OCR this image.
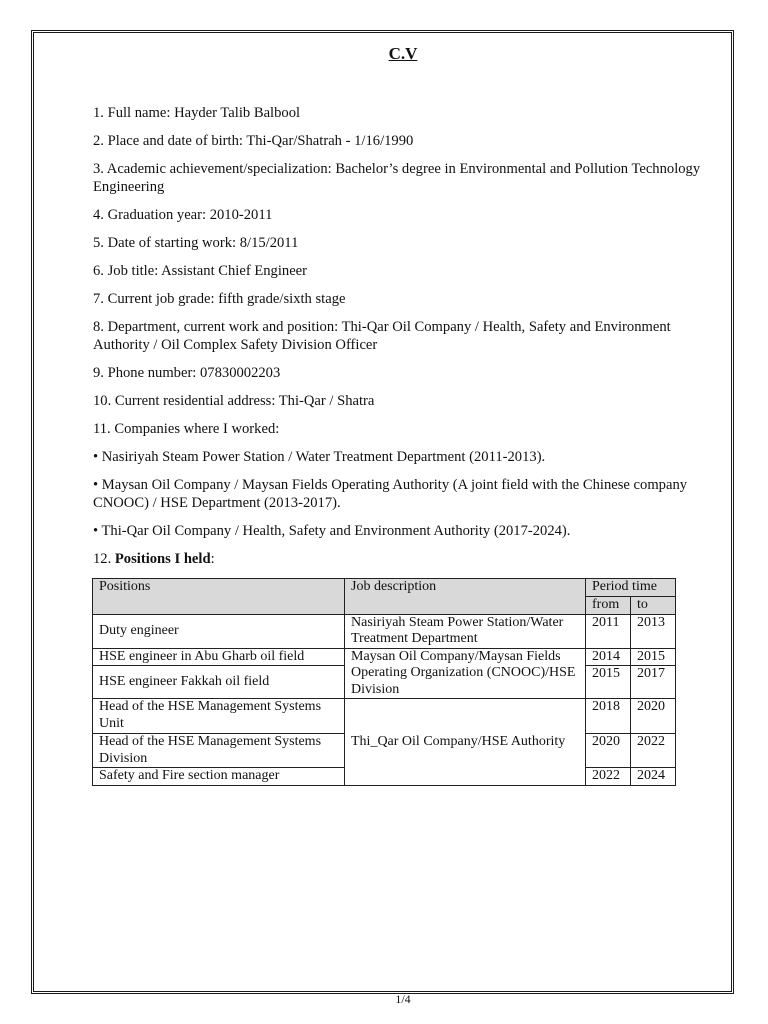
C.V

1. Full name: Hayder Talib Balbool

2. Place and date of birth: Thi-Qar/Shatrah - 1/16/1990

3. Academic achievement/specialization: Bachelor’s degree in Environmental and Pollution Technology Engineering

4. Graduation year: 2010-2011

5. Date of starting work: 8/15/2011

6. Job title: Assistant Chief Engineer

7. Current job grade: fifth grade/sixth stage

8. Department, current work and position: Thi-Qar Oil Company / Health, Safety and Environment Authority / Oil Complex Safety Division Officer

9. Phone number: 07830002203

10. Current residential address: Thi-Qar / Shatra

11. Companies where I worked:

• Nasiriyah Steam Power Station / Water Treatment Department (2011-2013).

• Maysan Oil Company / Maysan Fields Operating Authority (A joint field with the Chinese company CNOOC) / HSE Department (2013-2017).

• Thi-Qar Oil Company / Health, Safety and Environment Authority (2017-2024).

12. Positions I held:

Positions	Job description	Period time	
		from	to
Duty engineer	Nasiriyah Steam Power Station/Water Treatment Department	2011	2013
HSE engineer in Abu Gharb oil field	Maysan Oil Company/Maysan Fields Operating Organization (CNOOC)/HSE Division	2014	2015
HSE engineer Fakkah oil field		2015	2017
Head of the HSE Management Systems Unit	Thi_Qar Oil Company/HSE Authority	2018	2020
Head of the HSE Management Systems Division		2020	2022
Safety and Fire section manager		2022	2024
1/4
